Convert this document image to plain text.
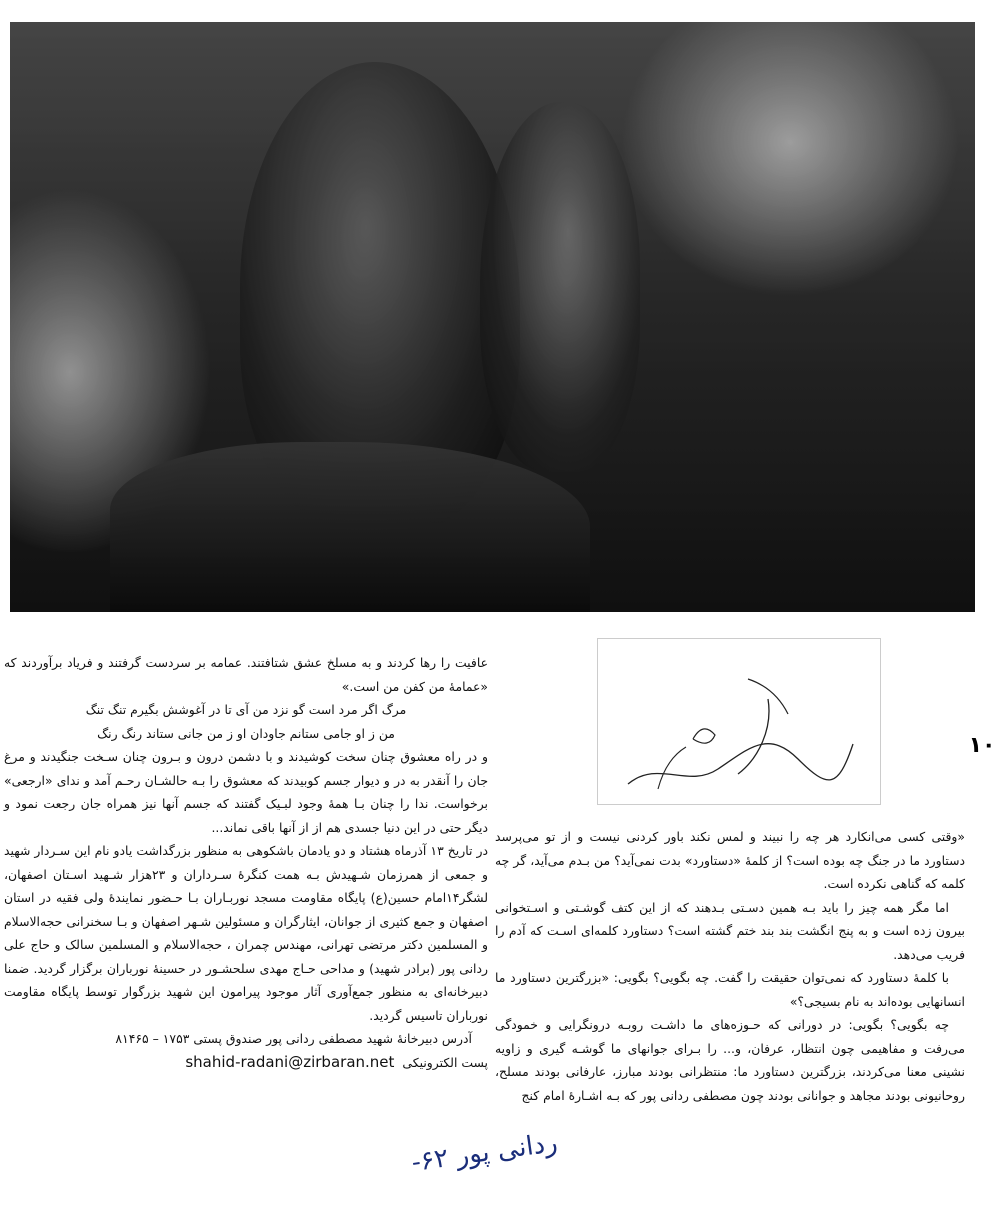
١٠

«وقتی کسی می‌انکارد هر چه را نبیند و لمس نکند باور کردنی نیست و از تو می‌پرسد دستاورد ما در جنگ چه بوده است؟ از کلمهٔ «دستاورد» بدت نمی‌آید؟ من بـدم می‌آید، گر چه کلمه که گناهی نکرده است.

اما مگر همه چیز را باید بـه همین دسـتی بـدهند که از این کتف گوشـتی و اسـتخوانی بیرون زده است و به پنج انگشت بند بند ختم گشته است؟ دستاورد کلمه‌ای اسـت که آدم را فریب می‌دهد.

با کلمهٔ دستاورد که نمی‌توان حقیقت را گفت. چه بگویی؟ بگویی: «بزرگترین دستاورد ما انسانهایی بوده‌اند به نام بسیجی؟»

چه بگویی؟ بگویی: در دورانی که حـوزه‌های ما داشـت روبـه درونگرایی و خمودگی می‌رفت و مفاهیمی چون انتظار، عرفان، و... را بـرای جوانهای ما گوشـه گیری و زاویه نشینی معنا می‌کردند، بزرگترین دستاورد ما: منتظرانی بودند مبارز، عارفانی بودند مسلح، روحانیونی بودند مجاهد و جوانانی بودند چون مصطفی ردانی پور که بـه اشـارهٔ امام کنج

عافیت را رها کردند و به مسلخ عشق شتافتند. عمامه بر سردست گرفتند و فریاد برآوردند که «عمامهٔ من کفن من است.»

مرگ اگر مرد است گو نزد من آی تا در آغوشش بگیرم تنگ تنگ

من ز او جامی ستانم جاودان او ز من جانی ستاند رنگ رنگ

و در راه معشوق چنان سخت کوشیدند و با دشمن درون و بـرون چنان سـخت جنگیدند و مرغ جان را آنقدر به در و دیوار جسم کوبیدند که معشوق را بـه حالشـان رحـم آمد و ندای «ارجعی» برخواست. ندا را چنان بـا همهٔ وجود لبـیک گفتند که جسم آنها نیز همراه جان رجعت نمود و دیگر حتی در این دنیا جسدی هم از از آنها باقی نماند...

در تاریخ ۱۳ آذرماه هشتاد و دو یادمان باشکوهی به منظور بزرگداشت یادو نام این سـردار شهید و جمعی از همرزمان شـهیدش بـه همت کنگرهٔ سـرداران و ۲۳هزار شـهید اسـتان اصفهان، لشگر۱۴امام حسین(ع) پایگاه مقاومت مسجد نوربـاران بـا حـضور نمایندهٔ ولی فقیه در استان اصفهان و جمع کثیری از جوانان، ایثارگران و مسئولین شـهر اصفهان و بـا سخنرانی حجه‌الاسلام و المسلمین دکتر مرتضی تهرانی، مهندس چمران ، حجه‌الاسلام و المسلمین سالک و حاج علی ردانی پور (برادر شهید) و مداحی حـاج مهدی سلحشـور در حسینهٔ نورباران برگزار گردید. ضمنا دبیرخانه‌ای به منظور جمع‌آوری آثار موجود پیرامون این شهید بزرگوار توسط پایگاه مقاومت نورباران تاسیس گردید.

آدرس دبیرخانهٔ شهید مصطفی ردانی پور صندوق پستی ۱۷۵۳ – ۸۱۴۶۵

پست الکترونیکی
shahid-radani@zirbaran.net
ردانی پور ۶۲-
